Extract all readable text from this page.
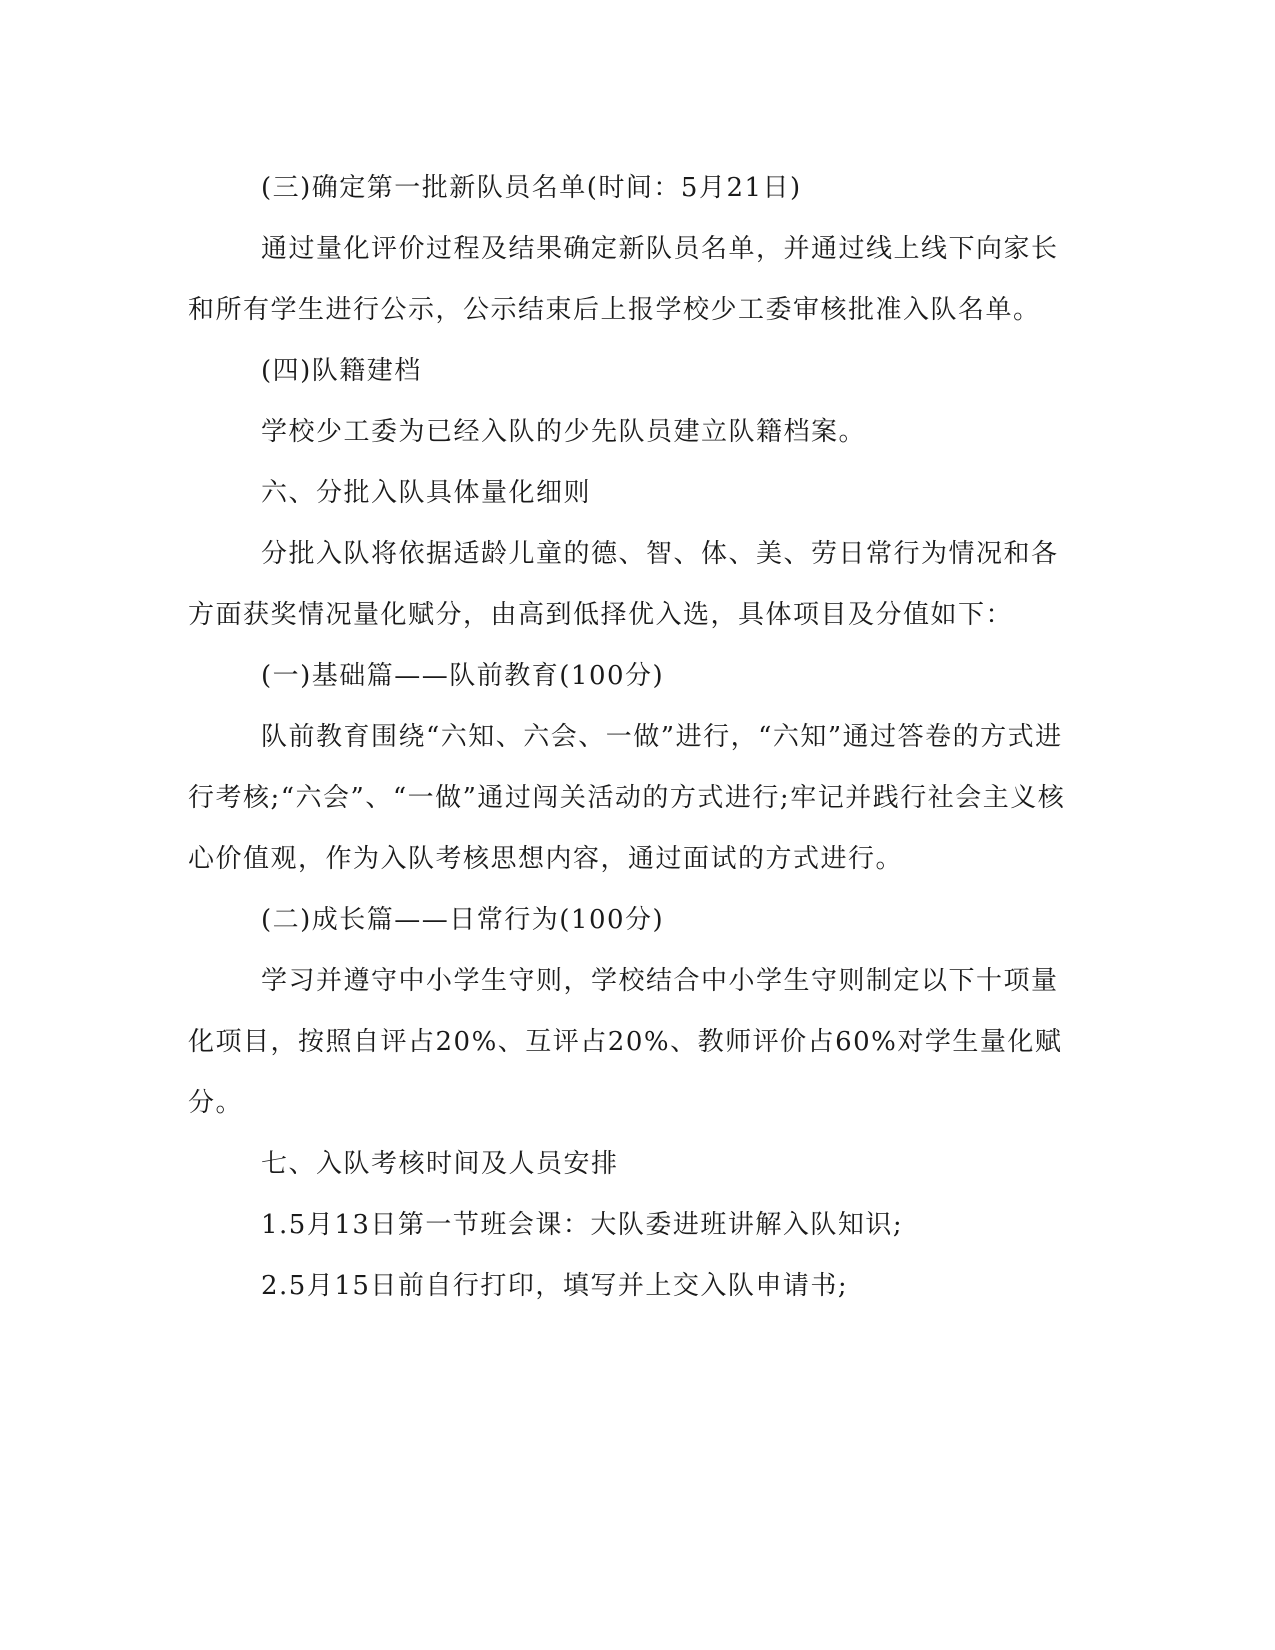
(三)确定第一批新队员名单(时间：5月21日)

通过量化评价过程及结果确定新队员名单，并通过线上线下向家长和所有学生进行公示，公示结束后上报学校少工委审核批准入队名单。

(四)队籍建档

学校少工委为已经入队的少先队员建立队籍档案。

六、分批入队具体量化细则

分批入队将依据适龄儿童的德、智、体、美、劳日常行为情况和各方面获奖情况量化赋分，由高到低择优入选，具体项目及分值如下：

(一)基础篇——队前教育(100分)

队前教育围绕“六知、六会、一做”进行，“六知”通过答卷的方式进行考核;“六会”、“一做”通过闯关活动的方式进行;牢记并践行社会主义核心价值观，作为入队考核思想内容，通过面试的方式进行。

(二)成长篇——日常行为(100分)

学习并遵守中小学生守则，学校结合中小学生守则制定以下十项量化项目，按照自评占20%、互评占20%、教师评价占60%对学生量化赋分。

七、入队考核时间及人员安排

1.5月13日第一节班会课：大队委进班讲解入队知识;

2.5月15日前自行打印，填写并上交入队申请书;
